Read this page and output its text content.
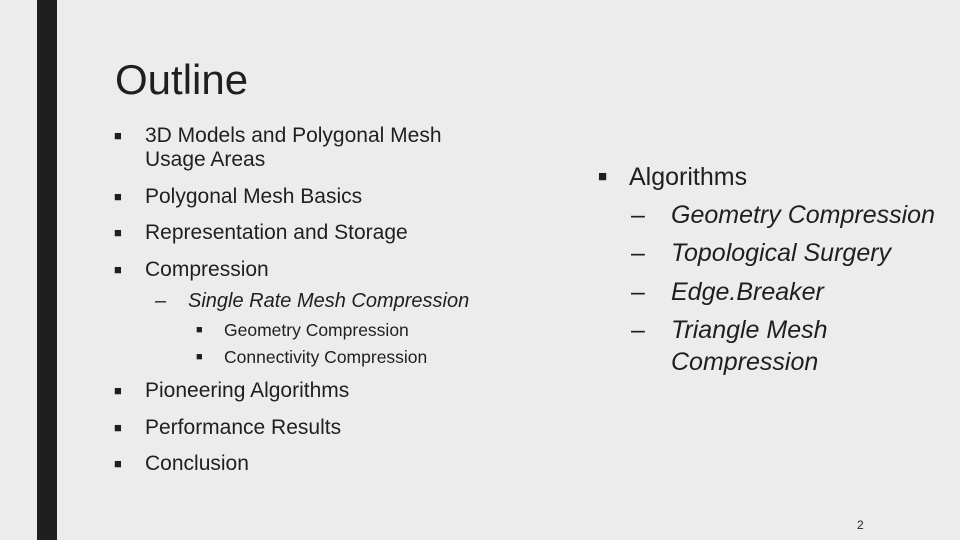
Outline
■	3D Models and Polygonal Mesh
Usage Areas
■	Polygonal Mesh Basics
■	Representation and Storage
■	Compression
–	Single Rate Mesh Compression
■	Geometry Compression
■	Connectivity Compression
■	Pioneering Algorithms
■	Performance Results
■	Conclusion
■ Algorithms
–	Geometry Compression
–	Topological Surgery
–	Edge.Breaker
–	Triangle Mesh
Compression
2
